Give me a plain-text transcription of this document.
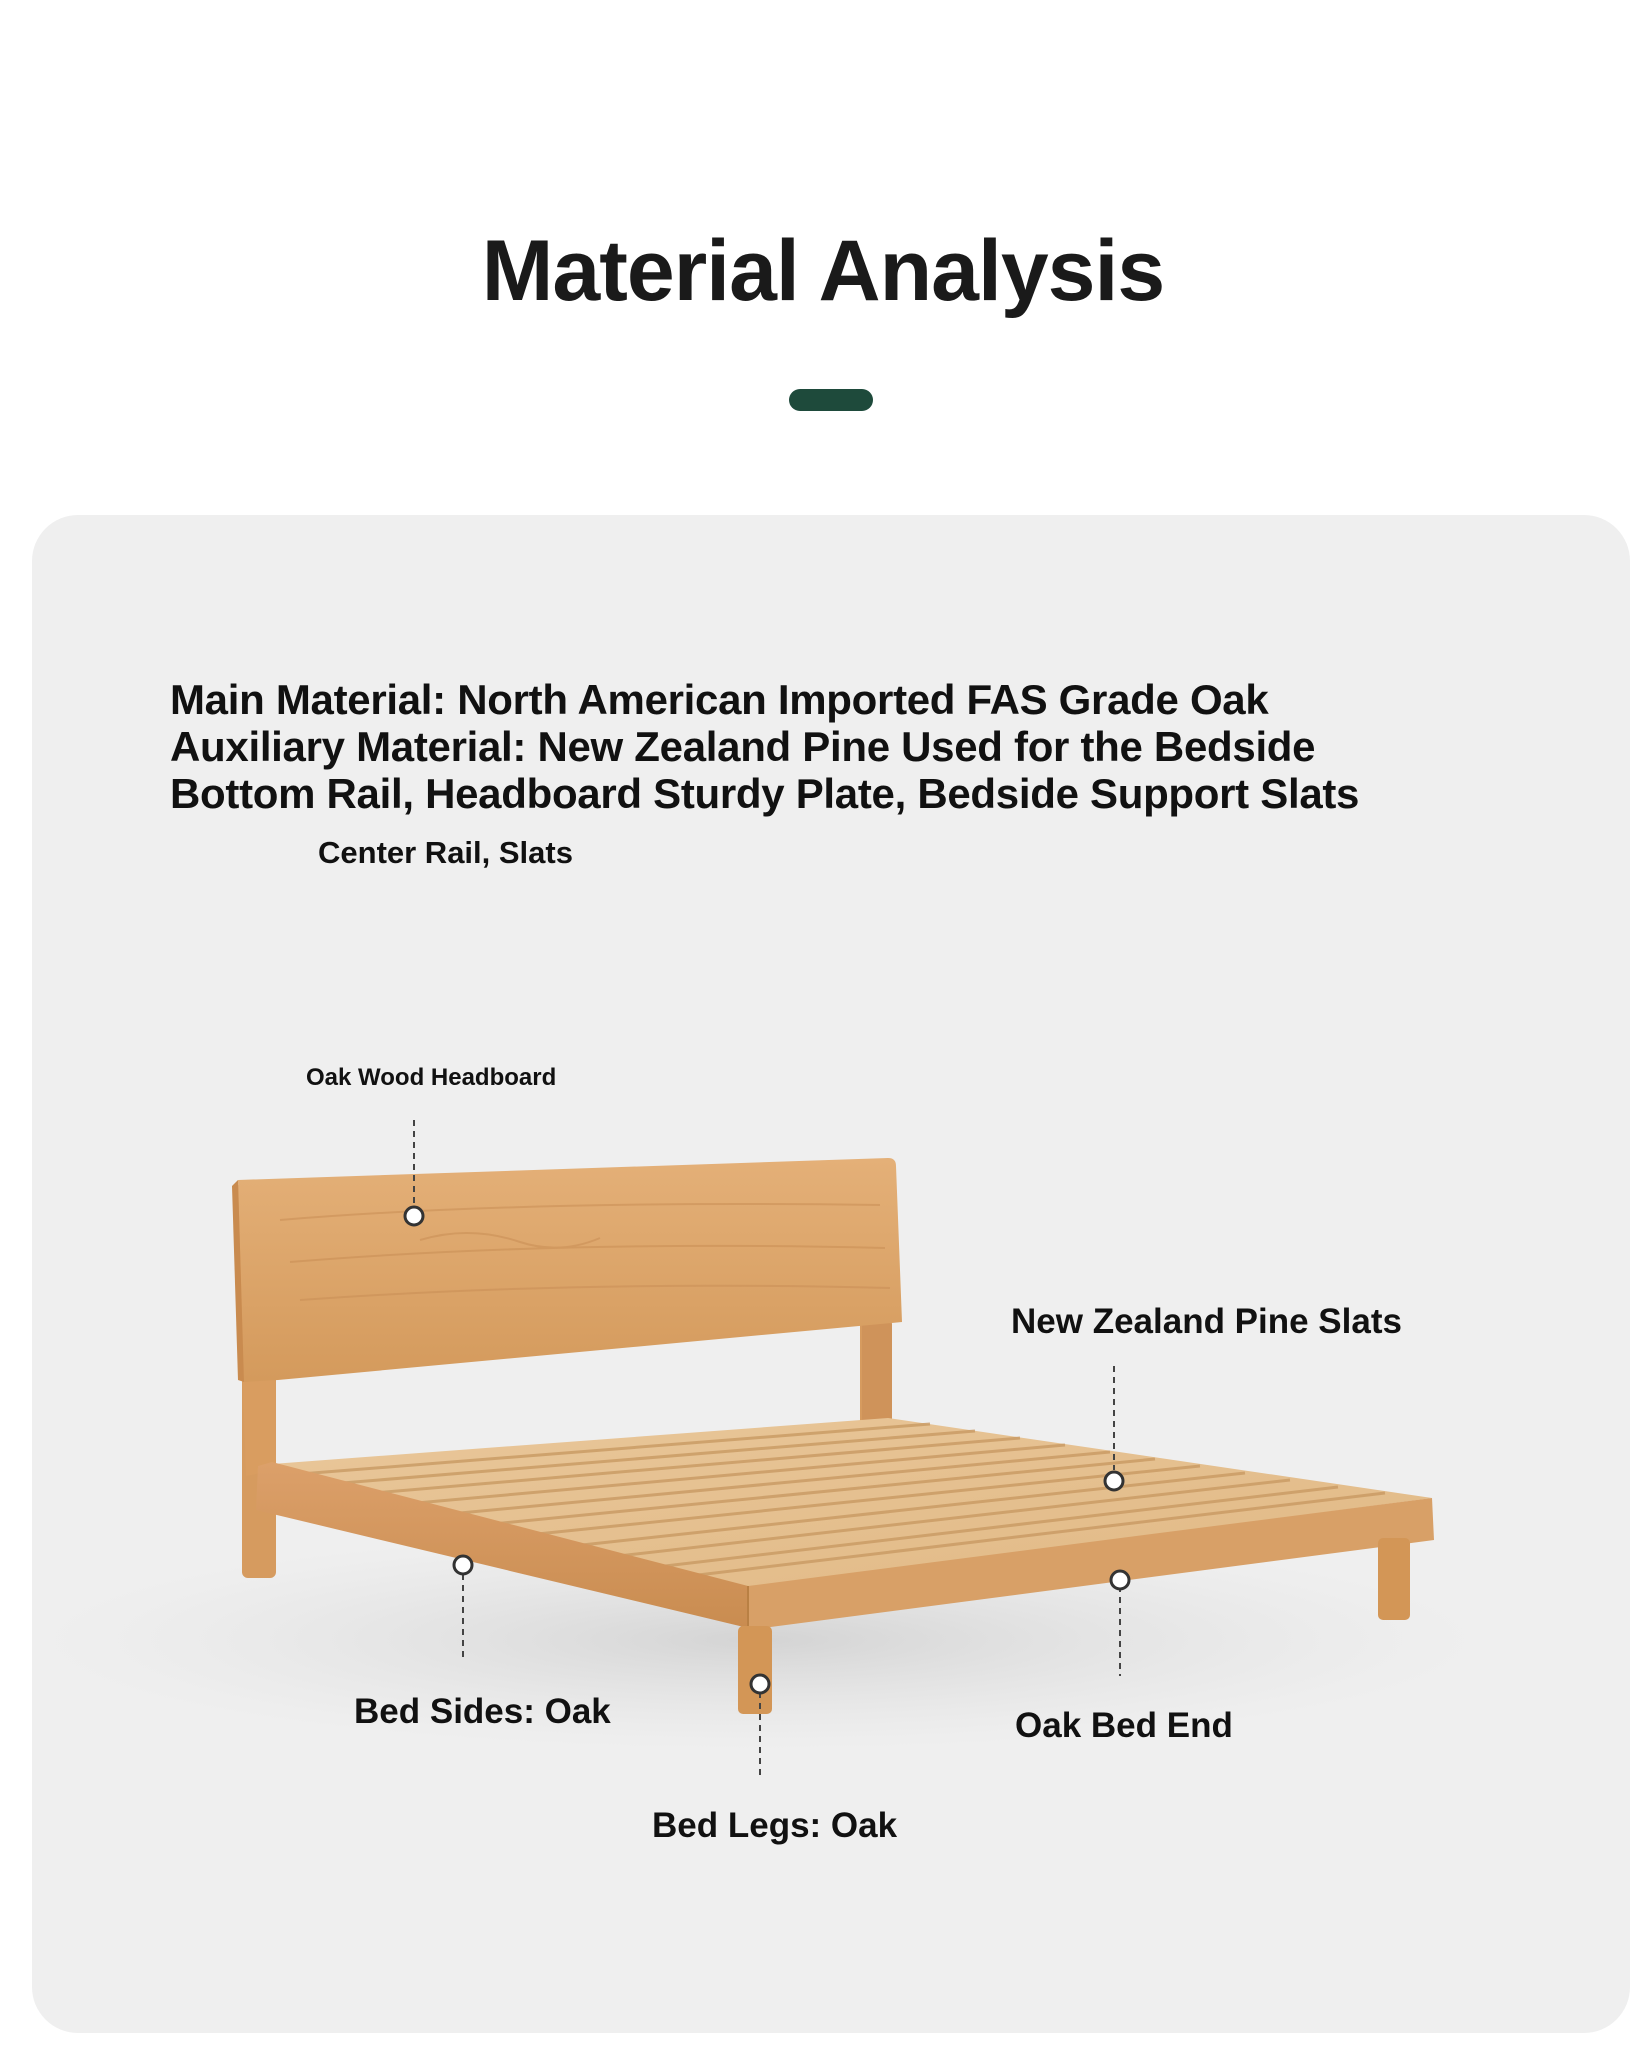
Material Analysis
Main Material: North American Imported FAS Grade Oak
Auxiliary Material: New Zealand Pine Used for the Bedside
Bottom Rail, Headboard Sturdy Plate, Bedside Support Slats
Center Rail, Slats
Oak Wood Headboard
New Zealand Pine Slats
Bed Sides: Oak	Oak Bed End
Bed Legs: Oak
